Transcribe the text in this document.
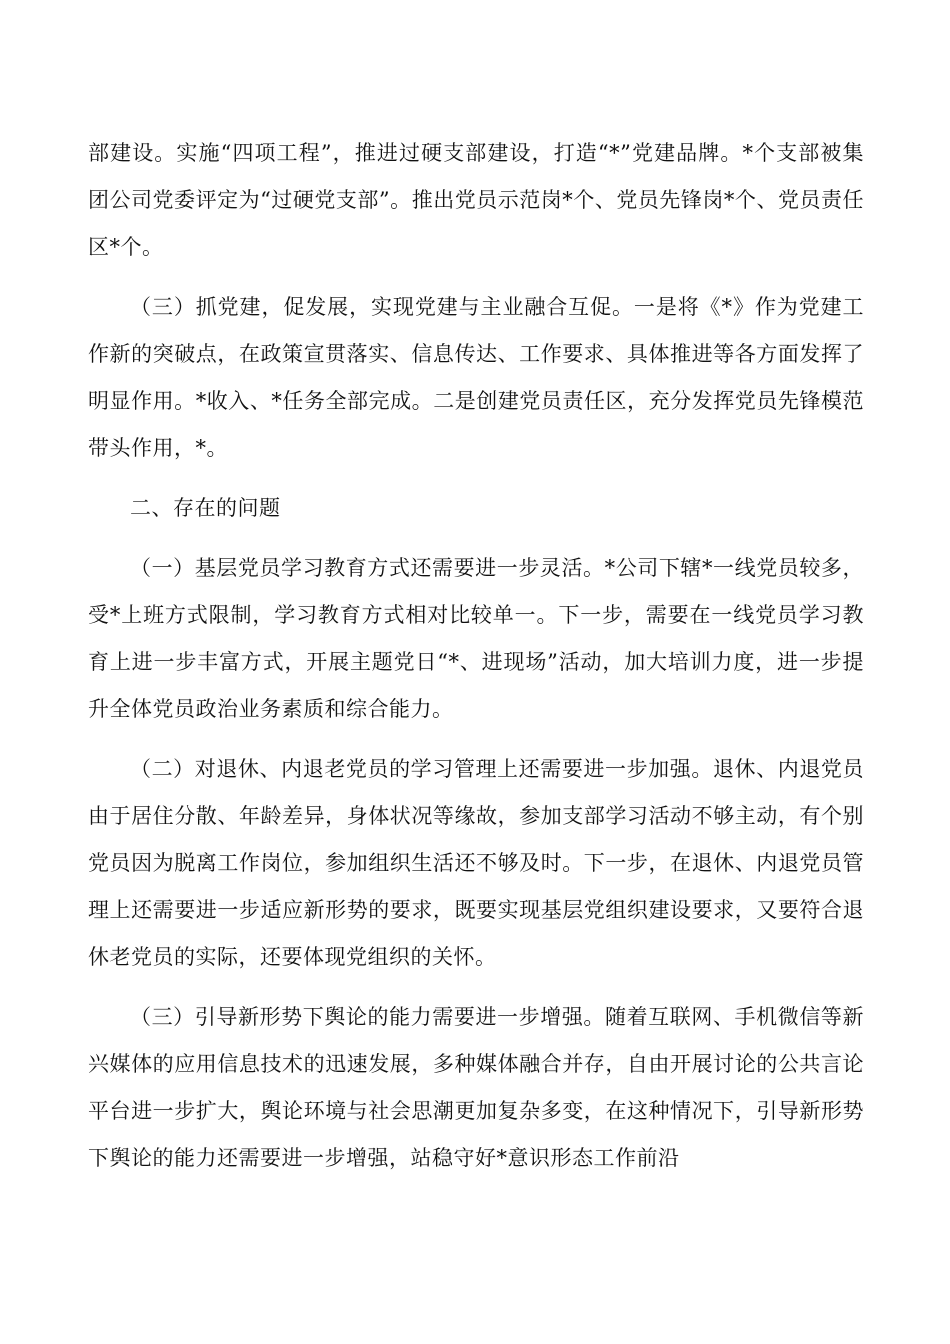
部建设。实施“四项工程”，推进过硬支部建设，打造“*”党建品牌。*个支部被集团公司党委评定为“过硬党支部”。推出党员示范岗*个、党员先锋岗*个、党员责任区*个。

（三）抓党建，促发展，实现党建与主业融合互促。一是将《*》作为党建工作新的突破点，在政策宣贯落实、信息传达、工作要求、具体推进等各方面发挥了明显作用。*收入、*任务全部完成。二是创建党员责任区，充分发挥党员先锋模范带头作用，*。

二、存在的问题

（一）基层党员学习教育方式还需要进一步灵活。*公司下辖*一线党员较多，受*上班方式限制，学习教育方式相对比较单一。下一步，需要在一线党员学习教育上进一步丰富方式，开展主题党日“*、进现场”活动，加大培训力度，进一步提升全体党员政治业务素质和综合能力。

（二）对退休、内退老党员的学习管理上还需要进一步加强。退休、内退党员由于居住分散、年龄差异，身体状况等缘故，参加支部学习活动不够主动，有个别党员因为脱离工作岗位，参加组织生活还不够及时。下一步，在退休、内退党员管理上还需要进一步适应新形势的要求，既要实现基层党组织建设要求，又要符合退休老党员的实际，还要体现党组织的关怀。

（三）引导新形势下舆论的能力需要进一步增强。随着互联网、手机微信等新兴媒体的应用信息技术的迅速发展，多种媒体融合并存，自由开展讨论的公共言论平台进一步扩大，舆论环境与社会思潮更加复杂多变，在这种情况下，引导新形势下舆论的能力还需要进一步增强，站稳守好*意识形态工作前沿
